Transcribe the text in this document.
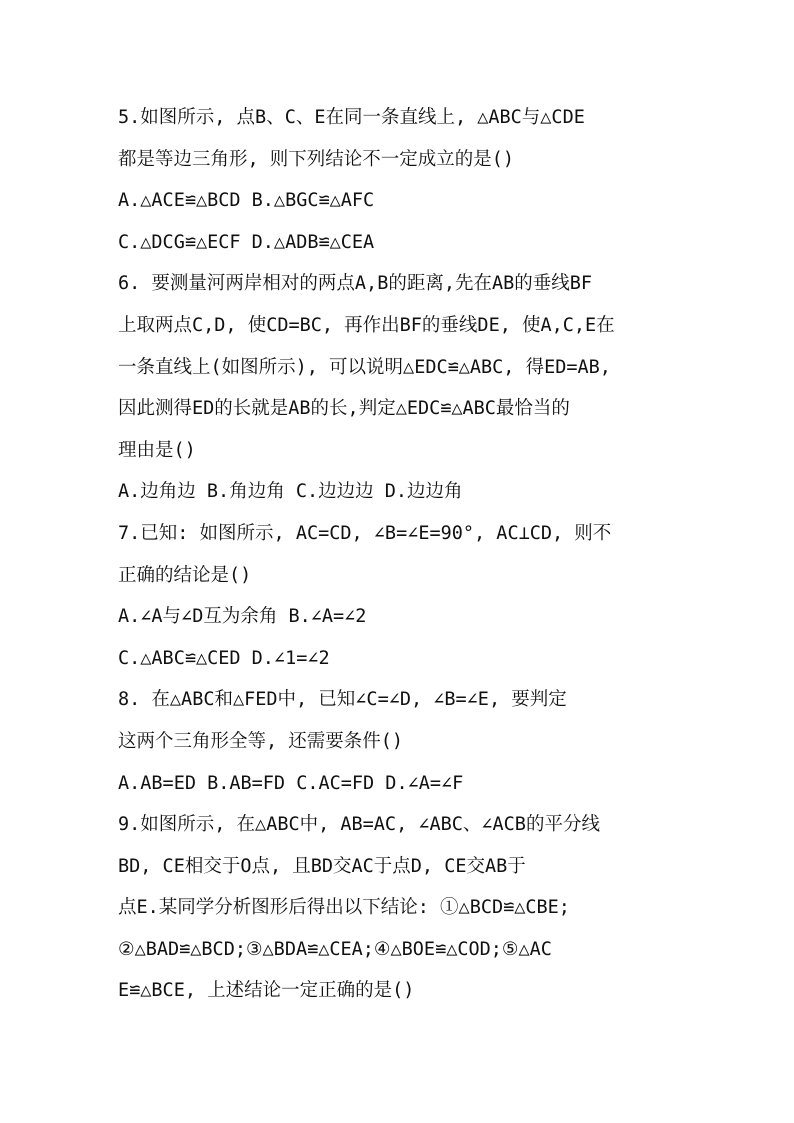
5.如图所示, 点B、C、E在同一条直线上, △ABC与△CDE
都是等边三角形, 则下列结论不一定成立的是()
A.△ACE≌△BCD B.△BGC≌△AFC
C.△DCG≌△ECF D.△ADB≌△CEA
6. 要测量河两岸相对的两点A,B的距离,先在AB的垂线BF
上取两点C,D, 使CD=BC, 再作出BF的垂线DE, 使A,C,E在
一条直线上(如图所示), 可以说明△EDC≌△ABC, 得ED=AB,
因此测得ED的长就是AB的长,判定△EDC≌△ABC最恰当的
理由是()
A.边角边 B.角边角 C.边边边 D.边边角
7.已知: 如图所示, AC=CD, ∠B=∠E=90°, AC⊥CD, 则不
正确的结论是()
A.∠A与∠D互为余角 B.∠A=∠2
C.△ABC≌△CED D.∠1=∠2
8. 在△ABC和△FED中, 已知∠C=∠D, ∠B=∠E, 要判定
这两个三角形全等, 还需要条件()
A.AB=ED B.AB=FD C.AC=FD D.∠A=∠F
9.如图所示, 在△ABC中, AB=AC, ∠ABC、∠ACB的平分线
BD, CE相交于O点, 且BD交AC于点D, CE交AB于
点E.某同学分析图形后得出以下结论: ①△BCD≌△CBE;
②△BAD≌△BCD;③△BDA≌△CEA;④△BOE≌△COD;⑤△AC
E≌△BCE, 上述结论一定正确的是()
